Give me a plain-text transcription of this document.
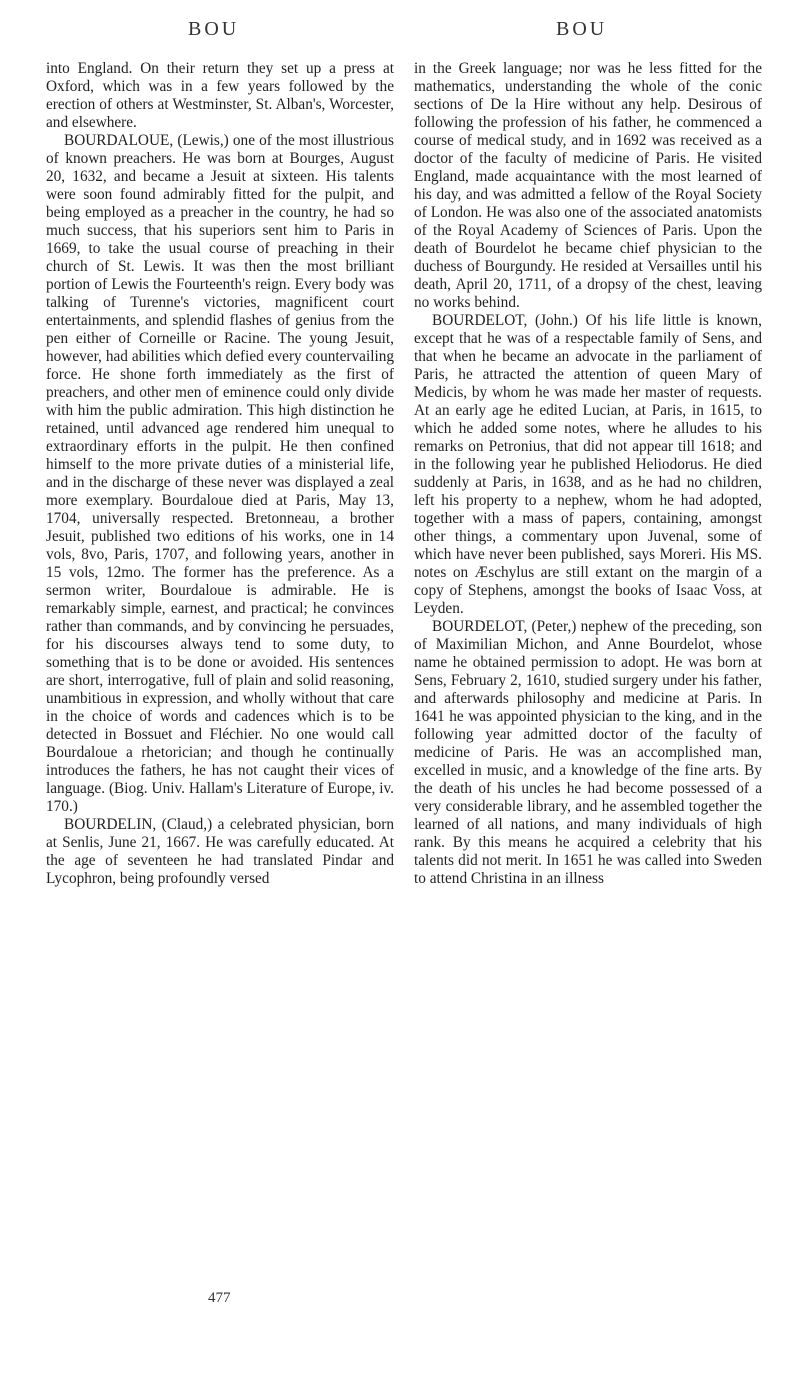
BOU	BOU

into England. On their return they set up a press at Oxford, which was in a few years followed by the erection of others at Westminster, St. Alban's, Worcester, and elsewhere.

BOURDALOUE, (Lewis,) one of the most illustrious of known preachers. He was born at Bourges, August 20, 1632, and became a Jesuit at sixteen. His talents were soon found admirably fitted for the pulpit, and being employed as a preacher in the country, he had so much success, that his superiors sent him to Paris in 1669, to take the usual course of preaching in their church of St. Lewis. It was then the most brilliant portion of Lewis the Fourteenth's reign. Every body was talking of Turenne's victories, magnificent court entertainments, and splendid flashes of genius from the pen either of Corneille or Racine. The young Jesuit, however, had abilities which defied every countervailing force. He shone forth immediately as the first of preachers, and other men of eminence could only divide with him the public admiration. This high distinction he retained, until advanced age rendered him unequal to extraordinary efforts in the pulpit. He then confined himself to the more private duties of a ministerial life, and in the discharge of these never was displayed a zeal more exemplary. Bourdaloue died at Paris, May 13, 1704, universally respected. Bretonneau, a brother Jesuit, published two editions of his works, one in 14 vols, 8vo, Paris, 1707, and following years, another in 15 vols, 12mo. The former has the preference. As a sermon writer, Bourdaloue is admirable. He is remarkably simple, earnest, and practical; he convinces rather than commands, and by convincing he persuades, for his discourses always tend to some duty, to something that is to be done or avoided. His sentences are short, interrogative, full of plain and solid reasoning, unambitious in expression, and wholly without that care in the choice of words and cadences which is to be detected in Bossuet and Fléchier. No one would call Bourdaloue a rhetorician; and though he continually introduces the fathers, he has not caught their vices of language. (Biog. Univ. Hallam's Literature of Europe, iv. 170.)

BOURDELIN, (Claud,) a celebrated physician, born at Senlis, June 21, 1667. He was carefully educated. At the age of seventeen he had translated Pindar and Lycophron, being profoundly versed

in the Greek language; nor was he less fitted for the mathematics, understanding the whole of the conic sections of De la Hire without any help. Desirous of following the profession of his father, he commenced a course of medical study, and in 1692 was received as a doctor of the faculty of medicine of Paris. He visited England, made acquaintance with the most learned of his day, and was admitted a fellow of the Royal Society of London. He was also one of the associated anatomists of the Royal Academy of Sciences of Paris. Upon the death of Bourdelot he became chief physician to the duchess of Bourgundy. He resided at Versailles until his death, April 20, 1711, of a dropsy of the chest, leaving no works behind.

BOURDELOT, (John.) Of his life little is known, except that he was of a respectable family of Sens, and that when he became an advocate in the parliament of Paris, he attracted the attention of queen Mary of Medicis, by whom he was made her master of requests. At an early age he edited Lucian, at Paris, in 1615, to which he added some notes, where he alludes to his remarks on Petronius, that did not appear till 1618; and in the following year he published Heliodorus. He died suddenly at Paris, in 1638, and as he had no children, left his property to a nephew, whom he had adopted, together with a mass of papers, containing, amongst other things, a commentary upon Juvenal, some of which have never been published, says Moreri. His MS. notes on Æschylus are still extant on the margin of a copy of Stephens, amongst the books of Isaac Voss, at Leyden.

BOURDELOT, (Peter,) nephew of the preceding, son of Maximilian Michon, and Anne Bourdelot, whose name he obtained permission to adopt. He was born at Sens, February 2, 1610, studied surgery under his father, and afterwards philosophy and medicine at Paris. In 1641 he was appointed physician to the king, and in the following year admitted doctor of the faculty of medicine of Paris. He was an accomplished man, excelled in music, and a knowledge of the fine arts. By the death of his uncles he had become possessed of a very considerable library, and he assembled together the learned of all nations, and many individuals of high rank. By this means he acquired a celebrity that his talents did not merit. In 1651 he was called into Sweden to attend Christina in an illness

477
